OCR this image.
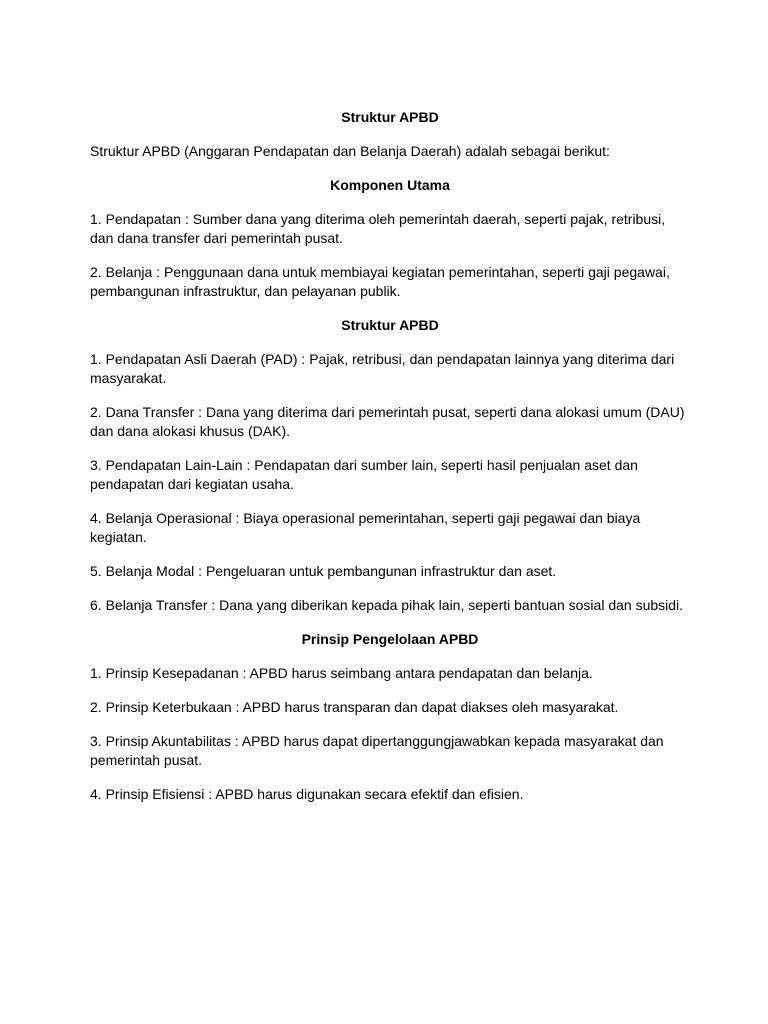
Struktur APBD

Struktur APBD (Anggaran Pendapatan dan Belanja Daerah) adalah sebagai berikut:

Komponen Utama

1. Pendapatan : Sumber dana yang diterima oleh pemerintah daerah, seperti pajak, retribusi, dan dana transfer dari pemerintah pusat.

2. Belanja : Penggunaan dana untuk membiayai kegiatan pemerintahan, seperti gaji pegawai, pembangunan infrastruktur, dan pelayanan publik.

Struktur APBD

1. Pendapatan Asli Daerah (PAD) : Pajak, retribusi, dan pendapatan lainnya yang diterima dari masyarakat.

2. Dana Transfer : Dana yang diterima dari pemerintah pusat, seperti dana alokasi umum (DAU) dan dana alokasi khusus (DAK).

3. Pendapatan Lain-Lain : Pendapatan dari sumber lain, seperti hasil penjualan aset dan pendapatan dari kegiatan usaha.

4. Belanja Operasional : Biaya operasional pemerintahan, seperti gaji pegawai dan biaya kegiatan.

5. Belanja Modal : Pengeluaran untuk pembangunan infrastruktur dan aset.

6. Belanja Transfer : Dana yang diberikan kepada pihak lain, seperti bantuan sosial dan subsidi.

Prinsip Pengelolaan APBD

1. Prinsip Kesepadanan : APBD harus seimbang antara pendapatan dan belanja.

2. Prinsip Keterbukaan : APBD harus transparan dan dapat diakses oleh masyarakat.

3. Prinsip Akuntabilitas : APBD harus dapat dipertanggungjawabkan kepada masyarakat dan pemerintah pusat.

4. Prinsip Efisiensi : APBD harus digunakan secara efektif dan efisien.
